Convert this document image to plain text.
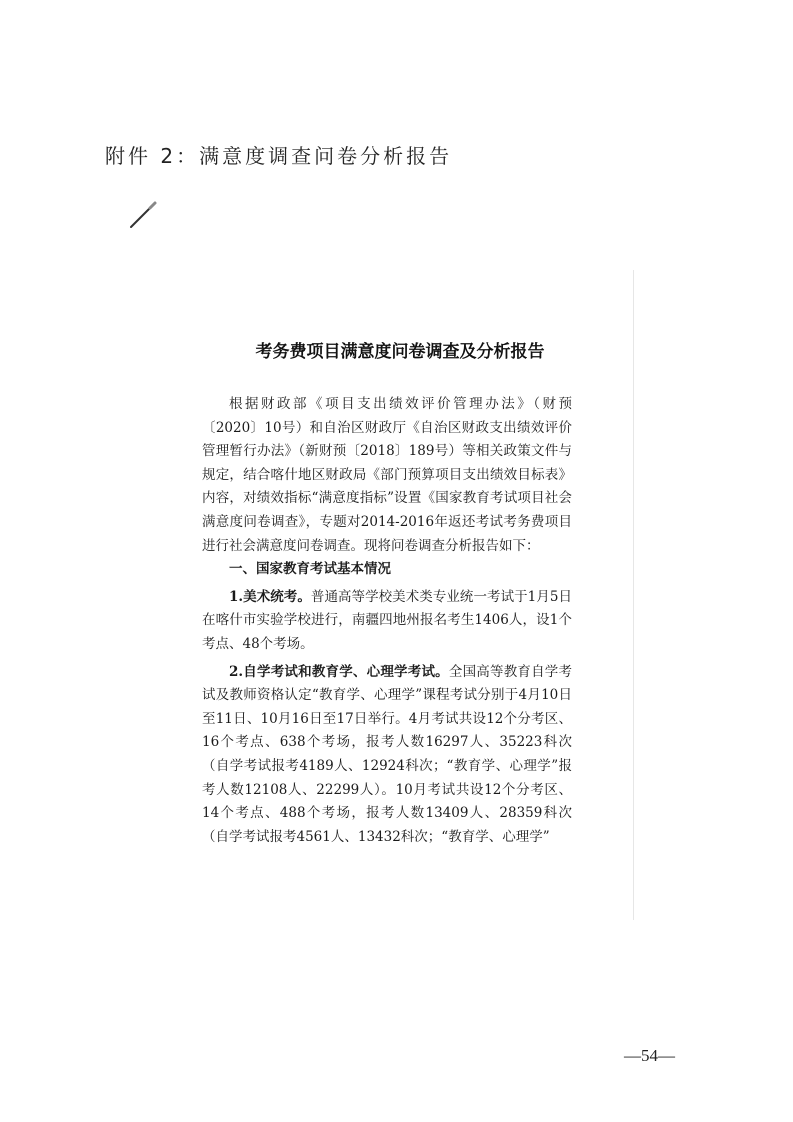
附件 2：满意度调查问卷分析报告
考务费项目满意度问卷调查及分析报告

根据财政部《项目支出绩效评价管理办法》（财预〔2020〕10号）和自治区财政厅《自治区财政支出绩效评价管理暂行办法》（新财预〔2018〕189号）等相关政策文件与规定，结合喀什地区财政局《部门预算项目支出绩效目标表》内容，对绩效指标“满意度指标”设置《国家教育考试项目社会满意度问卷调查》，专题对2014-2016年返还考试考务费项目进行社会满意度问卷调查。现将问卷调查分析报告如下：

一、国家教育考试基本情况

1.美术统考。普通高等学校美术类专业统一考试于1月5日在喀什市实验学校进行，南疆四地州报名考生1406人，设1个考点、48个考场。

2.自学考试和教育学、心理学考试。全国高等教育自学考试及教师资格认定“教育学、心理学”课程考试分别于4月10日至11日、10月16日至17日举行。4月考试共设12个分考区、16个考点、638个考场，报考人数16297人、35223科次（自学考试报考4189人、12924科次；“教育学、心理学”报考人数12108人、22299人）。10月考试共设12个分考区、14个考点、488个考场，报考人数13409人、28359科次（自学考试报考4561人、13432科次；“教育学、心理学”

—54—
